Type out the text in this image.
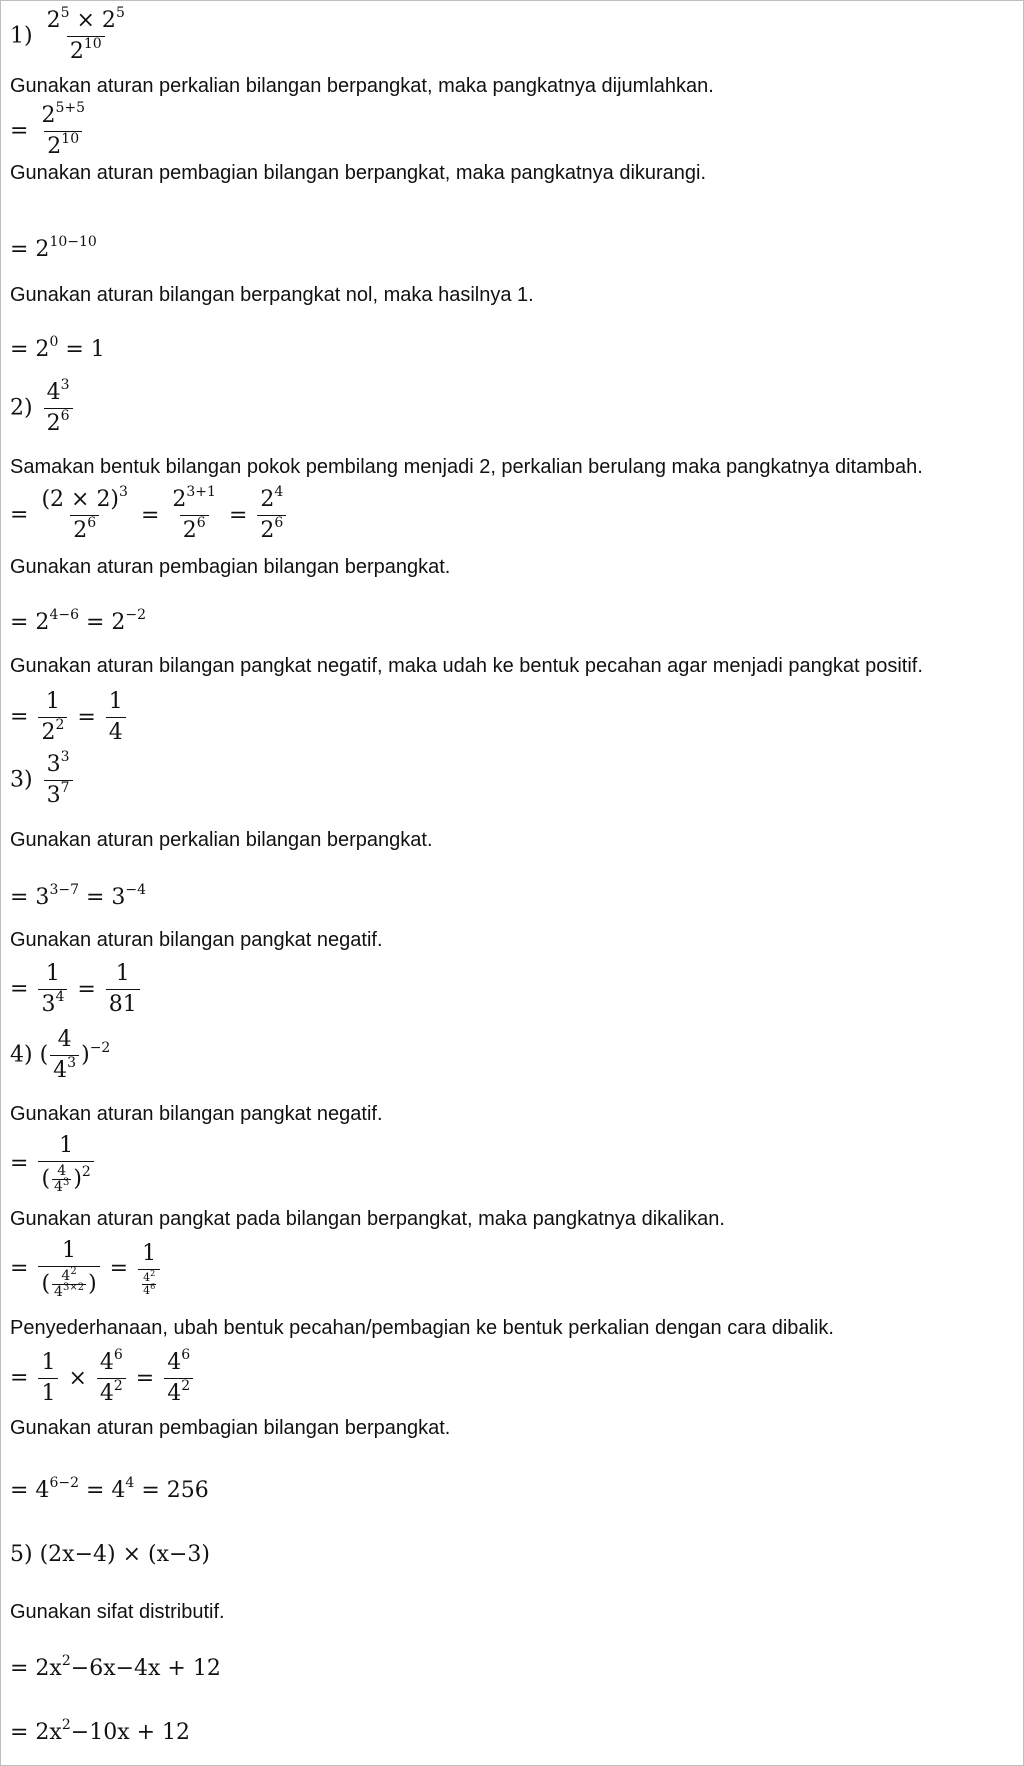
$1) \frac{2^5 \times 2^5}{2^{10}}$
Gunakan aturan perkalian bilangan berpangkat, maka pangkatnya dijumlahkan.
= $\frac{2^{5+5}}{2^{10}}$
Gunakan aturan pembagian bilangan berpangkat, maka pangkatnya dikurangi.
= $2^{10-10}$
Gunakan aturan bilangan berpangkat nol, maka hasilnya 1.
= $2^0 = 1$
$2) \frac{4^3}{2^6}$
Samakan bentuk bilangan pokok pembilang menjadi 2, perkalian berulang maka pangkatnya ditambah.
= $\frac{(2 \times 2)^3}{2^6} = \frac{2^{3+1}}{2^6} = \frac{2^4}{2^6}$
Gunakan aturan pembagian bilangan berpangkat.
= $2^{4-6} = 2^{-2}$
Gunakan aturan bilangan pangkat negatif, maka udah ke bentuk pecahan agar menjadi pangkat positif.
= $\frac{1}{2^2} = \frac{1}{4}$
$3) \frac{3^3}{3^7}$
Gunakan aturan perkalian bilangan berpangkat.
= $3^{3-7} = 3^{-4}$
Gunakan aturan bilangan pangkat negatif.
= $\frac{1}{3^4} = \frac{1}{81}$
4) ( $\frac{4}{4^3} )^{-2}$
Gunakan aturan bilangan pangkat negatif.
= $\frac{1}{( \frac{4}{4^3} )^2}$
Gunakan aturan pangkat pada bilangan berpangkat, maka pangkatnya dikalikan.
= $\frac{1}{( \frac{4^2}{4^{3\times 2}} )} = \frac{1}{\frac{4^2}{4^6}}$
Penyederhanaan, ubah bentuk pecahan/pembagian ke bentuk perkalian dengan cara dibalik.
= $\frac{1}{1} \times \frac{4^6}{4^2} = \frac{4^6}{4^2}$
Gunakan aturan pembagian bilangan berpangkat.
= $4^{6-2} = 4^4 = 256$
5) (2x−4) × (x−3)
Gunakan sifat distributif.
= $2x^2-6x-4x + 12$
= $2x^2-10x + 12$
